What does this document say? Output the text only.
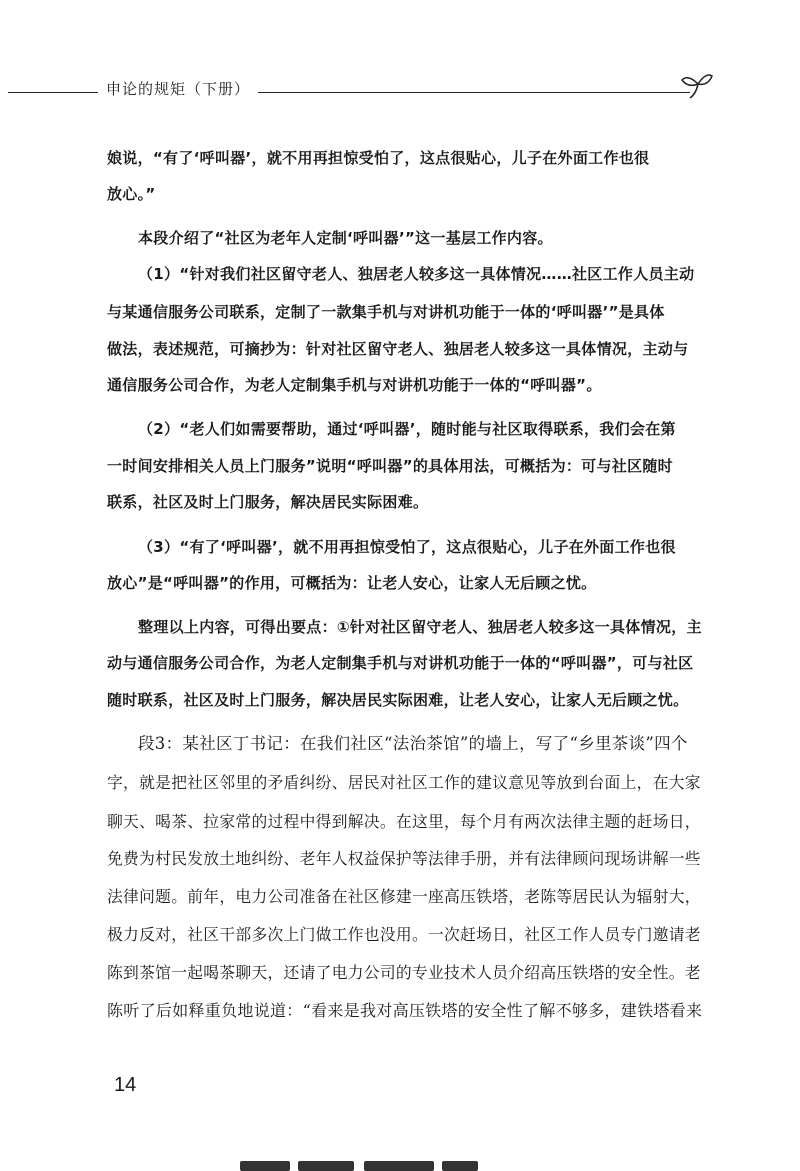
申论的规矩（下册）
娘说，“有了‘呼叫器’，就不用再担惊受怕了，这点很贴心，儿子在外面工作也很
放心。”
本段介绍了“社区为老年人定制‘呼叫器’”这一基层工作内容。
（1）“针对我们社区留守老人、独居老人较多这一具体情况……社区工作人员主动
与某通信服务公司联系，定制了一款集手机与对讲机功能于一体的‘呼叫器’”是具体
做法，表述规范，可摘抄为：针对社区留守老人、独居老人较多这一具体情况，主动与
通信服务公司合作，为老人定制集手机与对讲机功能于一体的“呼叫器”。
（2）“老人们如需要帮助，通过‘呼叫器’，随时能与社区取得联系，我们会在第
一时间安排相关人员上门服务”说明“呼叫器”的具体用法，可概括为：可与社区随时
联系，社区及时上门服务，解决居民实际困难。
（3）“有了‘呼叫器’，就不用再担惊受怕了，这点很贴心，儿子在外面工作也很
放心”是“呼叫器”的作用，可概括为：让老人安心，让家人无后顾之忧。
整理以上内容，可得出要点：①针对社区留守老人、独居老人较多这一具体情况，主
动与通信服务公司合作，为老人定制集手机与对讲机功能于一体的“呼叫器”，可与社区
随时联系，社区及时上门服务，解决居民实际困难，让老人安心，让家人无后顾之忧。
段3：某社区丁书记：在我们社区“法治茶馆”的墙上，写了“乡里茶谈”四个
字，就是把社区邻里的矛盾纠纷、居民对社区工作的建议意见等放到台面上，在大家
聊天、喝茶、拉家常的过程中得到解决。在这里，每个月有两次法律主题的赶场日，
免费为村民发放土地纠纷、老年人权益保护等法律手册，并有法律顾问现场讲解一些
法律问题。前年，电力公司准备在社区修建一座高压铁塔，老陈等居民认为辐射大，
极力反对，社区干部多次上门做工作也没用。一次赶场日，社区工作人员专门邀请老
陈到茶馆一起喝茶聊天，还请了电力公司的专业技术人员介绍高压铁塔的安全性。老
陈听了后如释重负地说道：“看来是我对高压铁塔的安全性了解不够多，建铁塔看来
14
